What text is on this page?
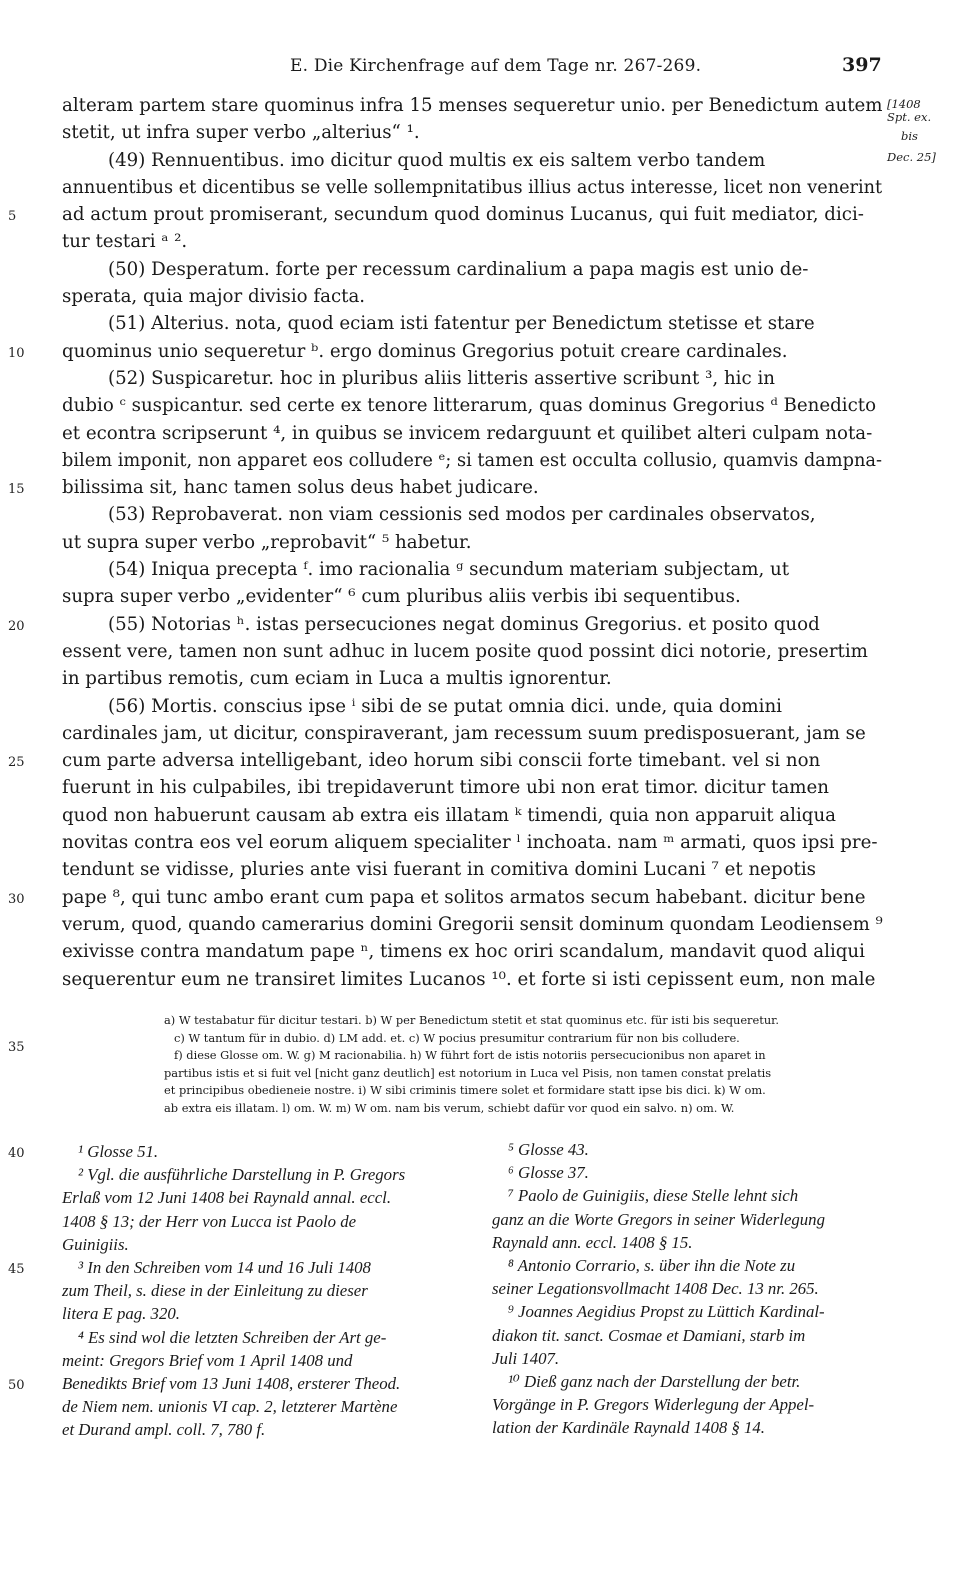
E. Die Kirchenfrage auf dem Tage nr. 267-269.	397
[1408
Spt. ex.
bis
Dec. 25]
alteram partem stare quominus infra 15 menses sequeretur unio. per Benedictum autem
stetit, ut infra super verbo „alterius“ ¹.
(49) Rennuentibus. imo dicitur quod multis ex eis saltem verbo tandem
annuentibus et dicentibus se velle sollempnitatibus illius actus interesse, licet non venerint
ad actum prout promiserant, secundum quod dominus Lucanus, qui fuit mediator, dici-
tur testari ᵃ ².
(50) Desperatum. forte per recessum cardinalium a papa magis est unio de-
sperata, quia major divisio facta.
(51) Alterius. nota, quod eciam isti fatentur per Benedictum stetisse et stare
quominus unio sequeretur ᵇ. ergo dominus Gregorius potuit creare cardinales.
(52) Suspicaretur. hoc in pluribus aliis litteris assertive scribunt ³, hic in
dubio ᶜ suspicantur. sed certe ex tenore litterarum, quas dominus Gregorius ᵈ Benedicto
et econtra scripserunt ⁴, in quibus se invicem redarguunt et quilibet alteri culpam nota-
bilem imponit, non apparet eos colludere ᵉ; si tamen est occulta collusio, quamvis dampna-
bilissima sit, hanc tamen solus deus habet judicare.
(53) Reprobaverat. non viam cessionis sed modos per cardinales observatos,
ut supra super verbo „reprobavit“ ⁵ habetur.
(54) Iniqua precepta ᶠ. imo racionalia ᵍ secundum materiam subjectam, ut
supra super verbo „evidenter“ ⁶ cum pluribus aliis verbis ibi sequentibus.
(55) Notorias ʰ. istas persecuciones negat dominus Gregorius. et posito quod
essent vere, tamen non sunt adhuc in lucem posite quod possint dici notorie, presertim
in partibus remotis, cum eciam in Luca a multis ignorentur.
(56) Mortis. conscius ipse ⁱ sibi de se putat omnia dici. unde, quia domini
cardinales jam, ut dicitur, conspiraverant, jam recessum suum predisposuerant, jam se
cum parte adversa intelligebant, ideo horum sibi conscii forte timebant. vel si non
fuerunt in his culpabiles, ibi trepidaverunt timore ubi non erat timor. dicitur tamen
quod non habuerunt causam ab extra eis illatam ᵏ timendi, quia non apparuit aliqua
novitas contra eos vel eorum aliquem specialiter ˡ inchoata. nam ᵐ armati, quos ipsi pre-
tendunt se vidisse, pluries ante visi fuerant in comitiva domini Lucani ⁷ et nepotis
pape ⁸, qui tunc ambo erant cum papa et solitos armatos secum habebant. dicitur bene
verum, quod, quando camerarius domini Gregorii sensit dominum quondam Leodiensem ⁹
exivisse contra mandatum pape ⁿ, timens ex hoc oriri scandalum, mandavit quod aliqui
sequerentur eum ne transiret limites Lucanos ¹⁰. et forte si isti cepissent eum, non male
5
10
15
20
25
30
a) W testabatur für dicitur testari. b) W per Benedictum stetit et stat quominus etc. für isti bis sequeretur.
c) W tantum für in dubio. d) LM add. et. c) W pocius presumitur contrarium für non bis colludere.
f) diese Glosse om. W. g) M racionabilia. h) W führt fort de istis notoriis persecucionibus non aparet in
partibus istis et si fuit vel [nicht ganz deutlich] est notorium in Luca vel Pisis, non tamen constat prelatis
et principibus obedieneie nostre. i) W sibi criminis timere solet et formidare statt ipse bis dici. k) W om.
ab extra eis illatam. l) om. W. m) W om. nam bis verum, schiebt dafür vor quod ein salvo. n) om. W.
35
¹ Glosse 51.
² Vgl. die ausführliche Darstellung in P. Gregors
Erlaß vom 12 Juni 1408 bei Raynald annal. eccl.
1408 § 13; der Herr von Lucca ist Paolo de
Guinigiis.
³ In den Schreiben vom 14 und 16 Juli 1408
zum Theil, s. diese in der Einleitung zu dieser
litera E pag. 320.
⁴ Es sind wol die letzten Schreiben der Art ge-
meint: Gregors Brief vom 1 April 1408 und
Benedikts Brief vom 13 Juni 1408, ersterer Theod.
de Niem nem. unionis VI cap. 2, letzterer Martène
et Durand ampl. coll. 7, 780 f.
40
45
50
⁵ Glosse 43.
⁶ Glosse 37.
⁷ Paolo de Guinigiis, diese Stelle lehnt sich
ganz an die Worte Gregors in seiner Widerlegung
Raynald ann. eccl. 1408 § 15.
⁸ Antonio Corrario, s. über ihn die Note zu
seiner Legationsvollmacht 1408 Dec. 13 nr. 265.
⁹ Joannes Aegidius Propst zu Lüttich Kardinal-
diakon tit. sanct. Cosmae et Damiani, starb im
Juli 1407.
¹⁰ Dieß ganz nach der Darstellung der betr.
Vorgänge in P. Gregors Widerlegung der Appel-
lation der Kardinäle Raynald 1408 § 14.
